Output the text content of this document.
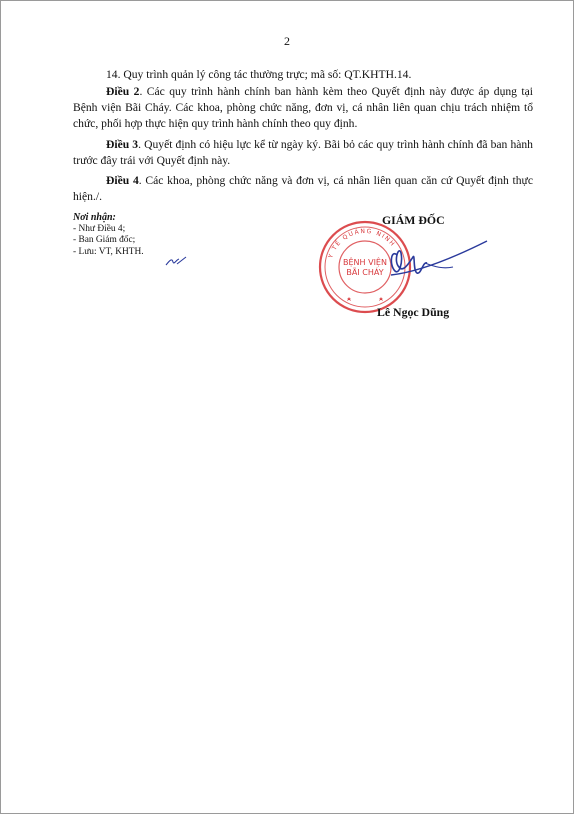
2

14. Quy trình quản lý công tác thường trực; mã số: QT.KHTH.14.

Điều 2. Các quy trình hành chính ban hành kèm theo Quyết định này được áp dụng tại Bệnh viện Bãi Cháy. Các khoa, phòng chức năng, đơn vị, cá nhân liên quan chịu trách nhiệm tổ chức, phối hợp thực hiện quy trình hành chính theo quy định.

Điều 3. Quyết định có hiệu lực kể từ ngày ký. Bãi bỏ các quy trình hành chính đã ban hành trước đây trái với Quyết định này.

Điều 4. Các khoa, phòng chức năng và đơn vị, cá nhân liên quan căn cứ Quyết định thực hiện./.

Nơi nhận:
- Như Điều 4;
- Ban Giám đốc;
- Lưu: VT, KHTH.
GIÁM ĐỐC
Y TẾ QUẢNG NINH
BỆNH VIỆN
BÃI CHÁY
Lê Ngọc Dũng
